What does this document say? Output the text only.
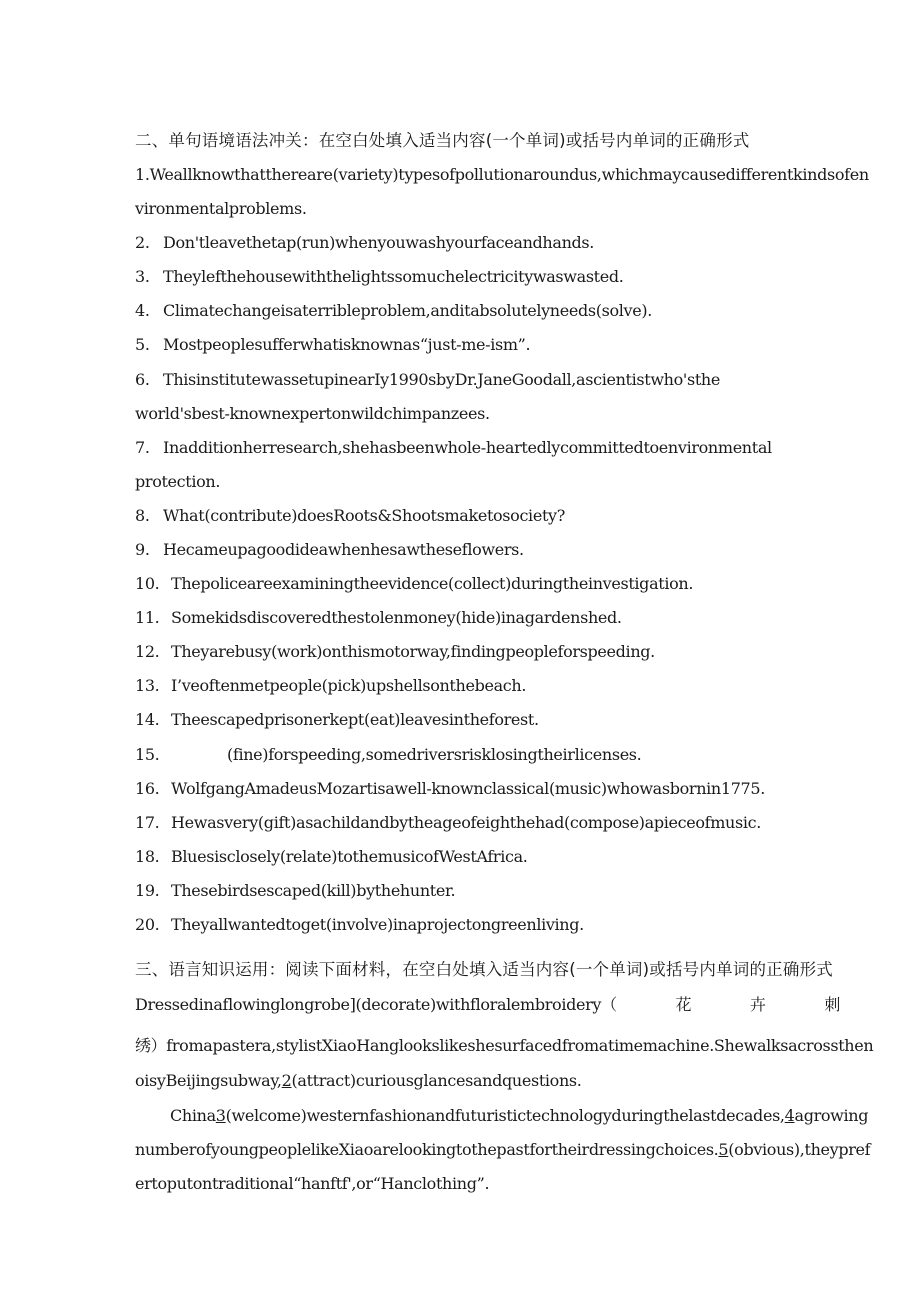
二、单句语境语法冲关：在空白处填入适当内容(一个单词)或括号内单词的正确形式
1.Weallknowthatthereare(variety)typesofpollutionaroundus,whichmaycausedifferentkindsofen
vironmentalproblems.
2. Don'tleavethetap(run)whenyouwashyourfaceandhands.
3. Theylefthehousewiththelightssomuchelectricitywaswasted.
4. Climatechangeisaterribleproblem,anditabsolutelyneeds(solve).
5. Mostpeoplesufferwhatisknownas“just-me-ism”.
6. ThisinstitutewassetupinearIy1990sbyDr.JaneGoodall,ascientistwho'sthe
world'sbest-knownexpertonwildchimpanzees.
7. Inadditionherresearch,shehasbeenwhole-heartedlycommittedtoenvironmental
protection.
8. What(contribute)doesRoots&Shootsmaketosociety?
9. Hecameupagoodideawhenhesawtheseflowers.
10. Thepoliceareexaminingtheevidence(collect)duringtheinvestigation.
11. Somekidsdiscoveredthestolenmoney(hide)inagardenshed.
12. Theyarebusy(work)onthismotorway,findingpeopleforspeeding.
13. I’veoftenmetpeople(pick)upshellsonthebeach.
14. Theescapedprisonerkept(eat)leavesintheforest.
15.	(fine)forspeeding,somedriversrisklosingtheirlicenses.
16. WolfgangAmadeusMozartisawell-knownclassical(music)whowasbornin1775.
17. Hewasvery(gift)asachildandbytheageofeighthehad(compose)apieceofmusic.
18. Bluesisclosely(relate)tothemusicofWestAfrica.
19. Thesebirdsescaped(kill)bythehunter.
20. Theyallwantedtoget(involve)inaprojectongreenliving.
三、语言知识运用：阅读下面材料，在空白处填入适当内容(一个单词)或括号内单词的正确形式
Dressedinaflowinglongrobe](decorate)withfloralembroidery（	花	卉	刺
绣）fromapastera,stylistXiaoHanglookslikeshesurfacedfromatimemachine.Shewalksacrossthen
oisyBeijingsubway,2(attract)curiousglancesandquestions.
China3(welcome)westernfashionandfuturistictechnologyduringthelastdecades,4agrowing
numberofyoungpeoplelikeXiaoarelookingtothepastfortheirdressingchoices.5(obvious),theypref
ertoputontraditional“hanftf',or“Hanclothing”.
